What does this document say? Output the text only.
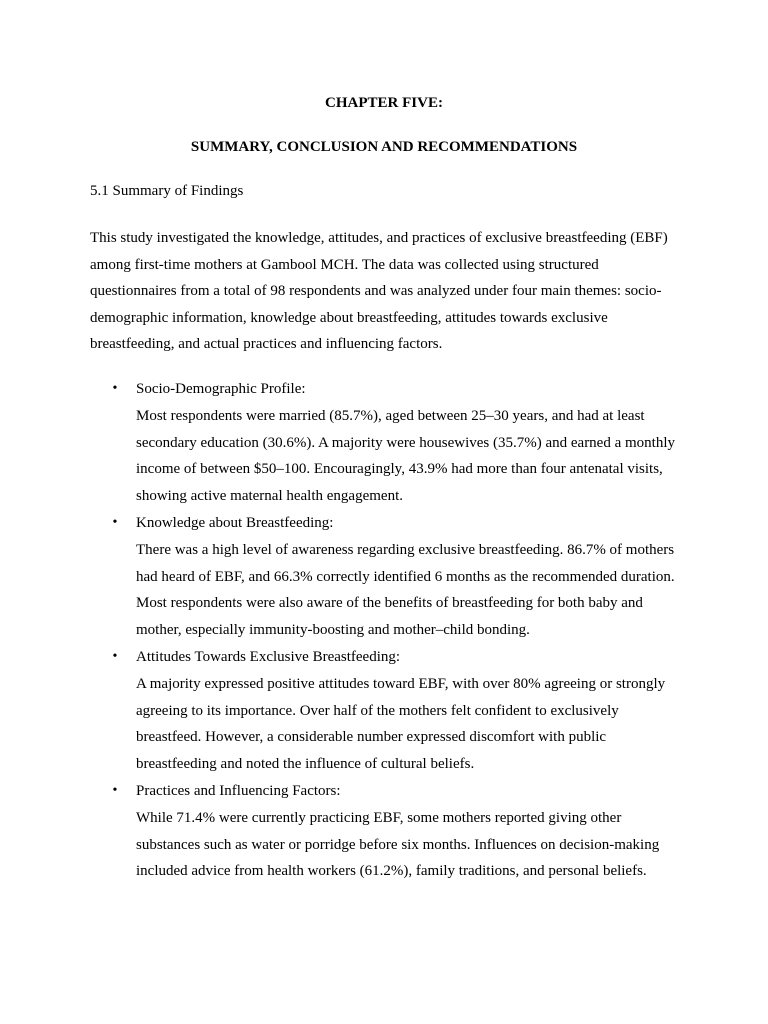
CHAPTER FIVE:
SUMMARY, CONCLUSION AND RECOMMENDATIONS
5.1 Summary of Findings

This study investigated the knowledge, attitudes, and practices of exclusive breastfeeding (EBF) among first-time mothers at Gambool MCH. The data was collected using structured questionnaires from a total of 98 respondents and was analyzed under four main themes: socio-demographic information, knowledge about breastfeeding, attitudes towards exclusive breastfeeding, and actual practices and influencing factors.

• Socio-Demographic Profile:
Most respondents were married (85.7%), aged between 25–30 years, and had at least secondary education (30.6%). A majority were housewives (35.7%) and earned a monthly income of between $50–100. Encouragingly, 43.9% had more than four antenatal visits, showing active maternal health engagement.
• Knowledge about Breastfeeding:
There was a high level of awareness regarding exclusive breastfeeding. 86.7% of mothers had heard of EBF, and 66.3% correctly identified 6 months as the recommended duration. Most respondents were also aware of the benefits of breastfeeding for both baby and mother, especially immunity-boosting and mother–child bonding.
• Attitudes Towards Exclusive Breastfeeding:
A majority expressed positive attitudes toward EBF, with over 80% agreeing or strongly agreeing to its importance. Over half of the mothers felt confident to exclusively breastfeed. However, a considerable number expressed discomfort with public breastfeeding and noted the influence of cultural beliefs.
• Practices and Influencing Factors:
While 71.4% were currently practicing EBF, some mothers reported giving other substances such as water or porridge before six months. Influences on decision-making included advice from health workers (61.2%), family traditions, and personal beliefs.
